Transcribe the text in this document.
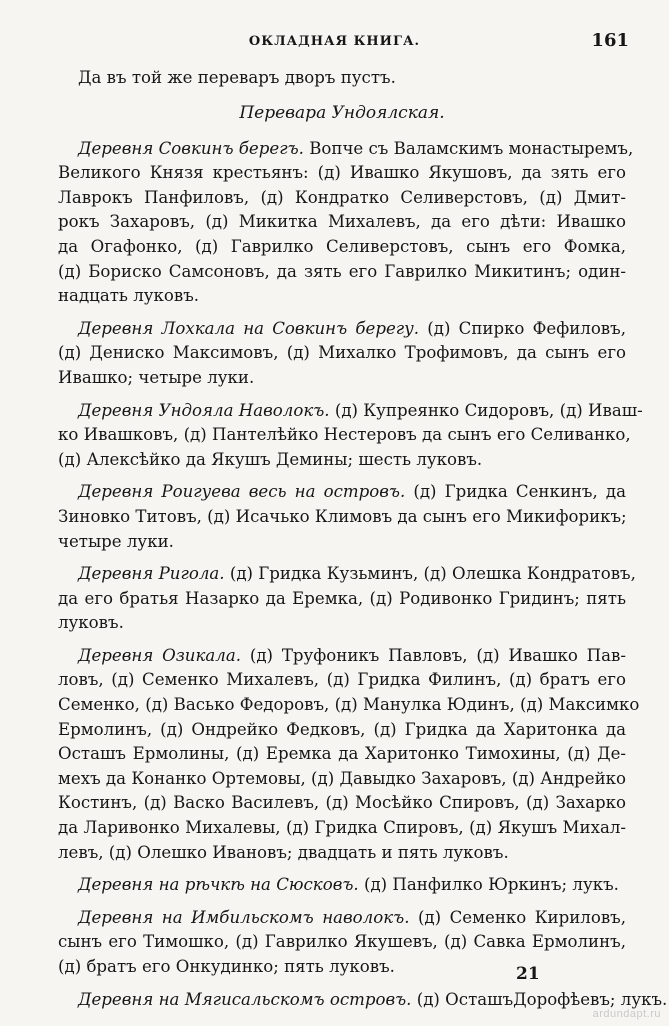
ОКЛАДНАЯ КНИГА.	161
Да въ той же переваръ дворъ пустъ.
Перевара Ундоялская.
Деревня Совкинъ берегъ. Вопче съ Валамскимъ монастыремъ,
Великого Князя крестьянъ: (д) Ивашко Якушовъ, да зять его
Лаврокъ Панфиловъ, (д) Кондратко Селиверстовъ, (д) Дмит-
рокъ Захаровъ, (д) Микитка Михалевъ, да его дѣти: Ивашко
да Огафонко, (д) Гаврилко Селиверстовъ, сынъ его Фомка,
(д) Бориско Самсоновъ, да зять его Гаврилко Микитинъ; один-
надцать луковъ.
Деревня Лохкала на Совкинъ берегу. (д) Спирко Фефиловъ,
(д) Дениско Максимовъ, (д) Михалко Трофимовъ, да сынъ его
Ивашко; четыре луки.
Деревня Ундояла Наволокъ. (д) Купреянко Сидоровъ, (д) Иваш-
ко Ивашковъ, (д) Пантелѣйко Нестеровъ да сынъ его Селиванко,
(д) Алексѣйко да Якушъ Демины; шесть луковъ.
Деревня Роигуева весь на островъ. (д) Гридка Сенкинъ, да
Зиновко Титовъ, (д) Исачько Климовъ да сынъ его Микифорикъ;
четыре луки.
Деревня Ригола. (д) Гридка Кузьминъ, (д) Олешка Кондратовъ,
да его братья Назарко да Еремка, (д) Родивонко Гридинъ; пять
луковъ.
Деревня Озикала. (д) Труфоникъ Павловъ, (д) Ивашко Пав-
ловъ, (д) Семенко Михалевъ, (д) Гридка Филинъ, (д) братъ его
Семенко, (д) Васько Федоровъ, (д) Манулка Юдинъ, (д) Максимко
Ермолинъ, (д) Ондрейко Федковъ, (д) Гридка да Харитонка да
Осташъ Ермолины, (д) Еремка да Харитонко Тимохины, (д) Де-
мехъ да Конанко Ортемовы, (д) Давыдко Захаровъ, (д) Андрейко
Костинъ, (д) Васко Василевъ, (д) Мосѣйко Спировъ, (д) Захарко
да Ларивонко Михалевы, (д) Гридка Спировъ, (д) Якушъ Михал-
левъ, (д) Олешко Ивановъ; двадцать и пять луковъ.
Деревня на рѣчкѣ на Сюсковъ. (д) Панфилко Юркинъ; лукъ.
Деревня на Имбильскомъ наволокъ. (д) Семенко Кириловъ,
сынъ его Тимошко, (д) Гаврилко Якушевъ, (д) Савка Ермолинъ,
(д) братъ его Онкудинко; пять луковъ.
Деревня на Мягисальскомъ островъ. (д) ОсташъДорофѣевъ; лукъ.
21
ardundapt.ru
